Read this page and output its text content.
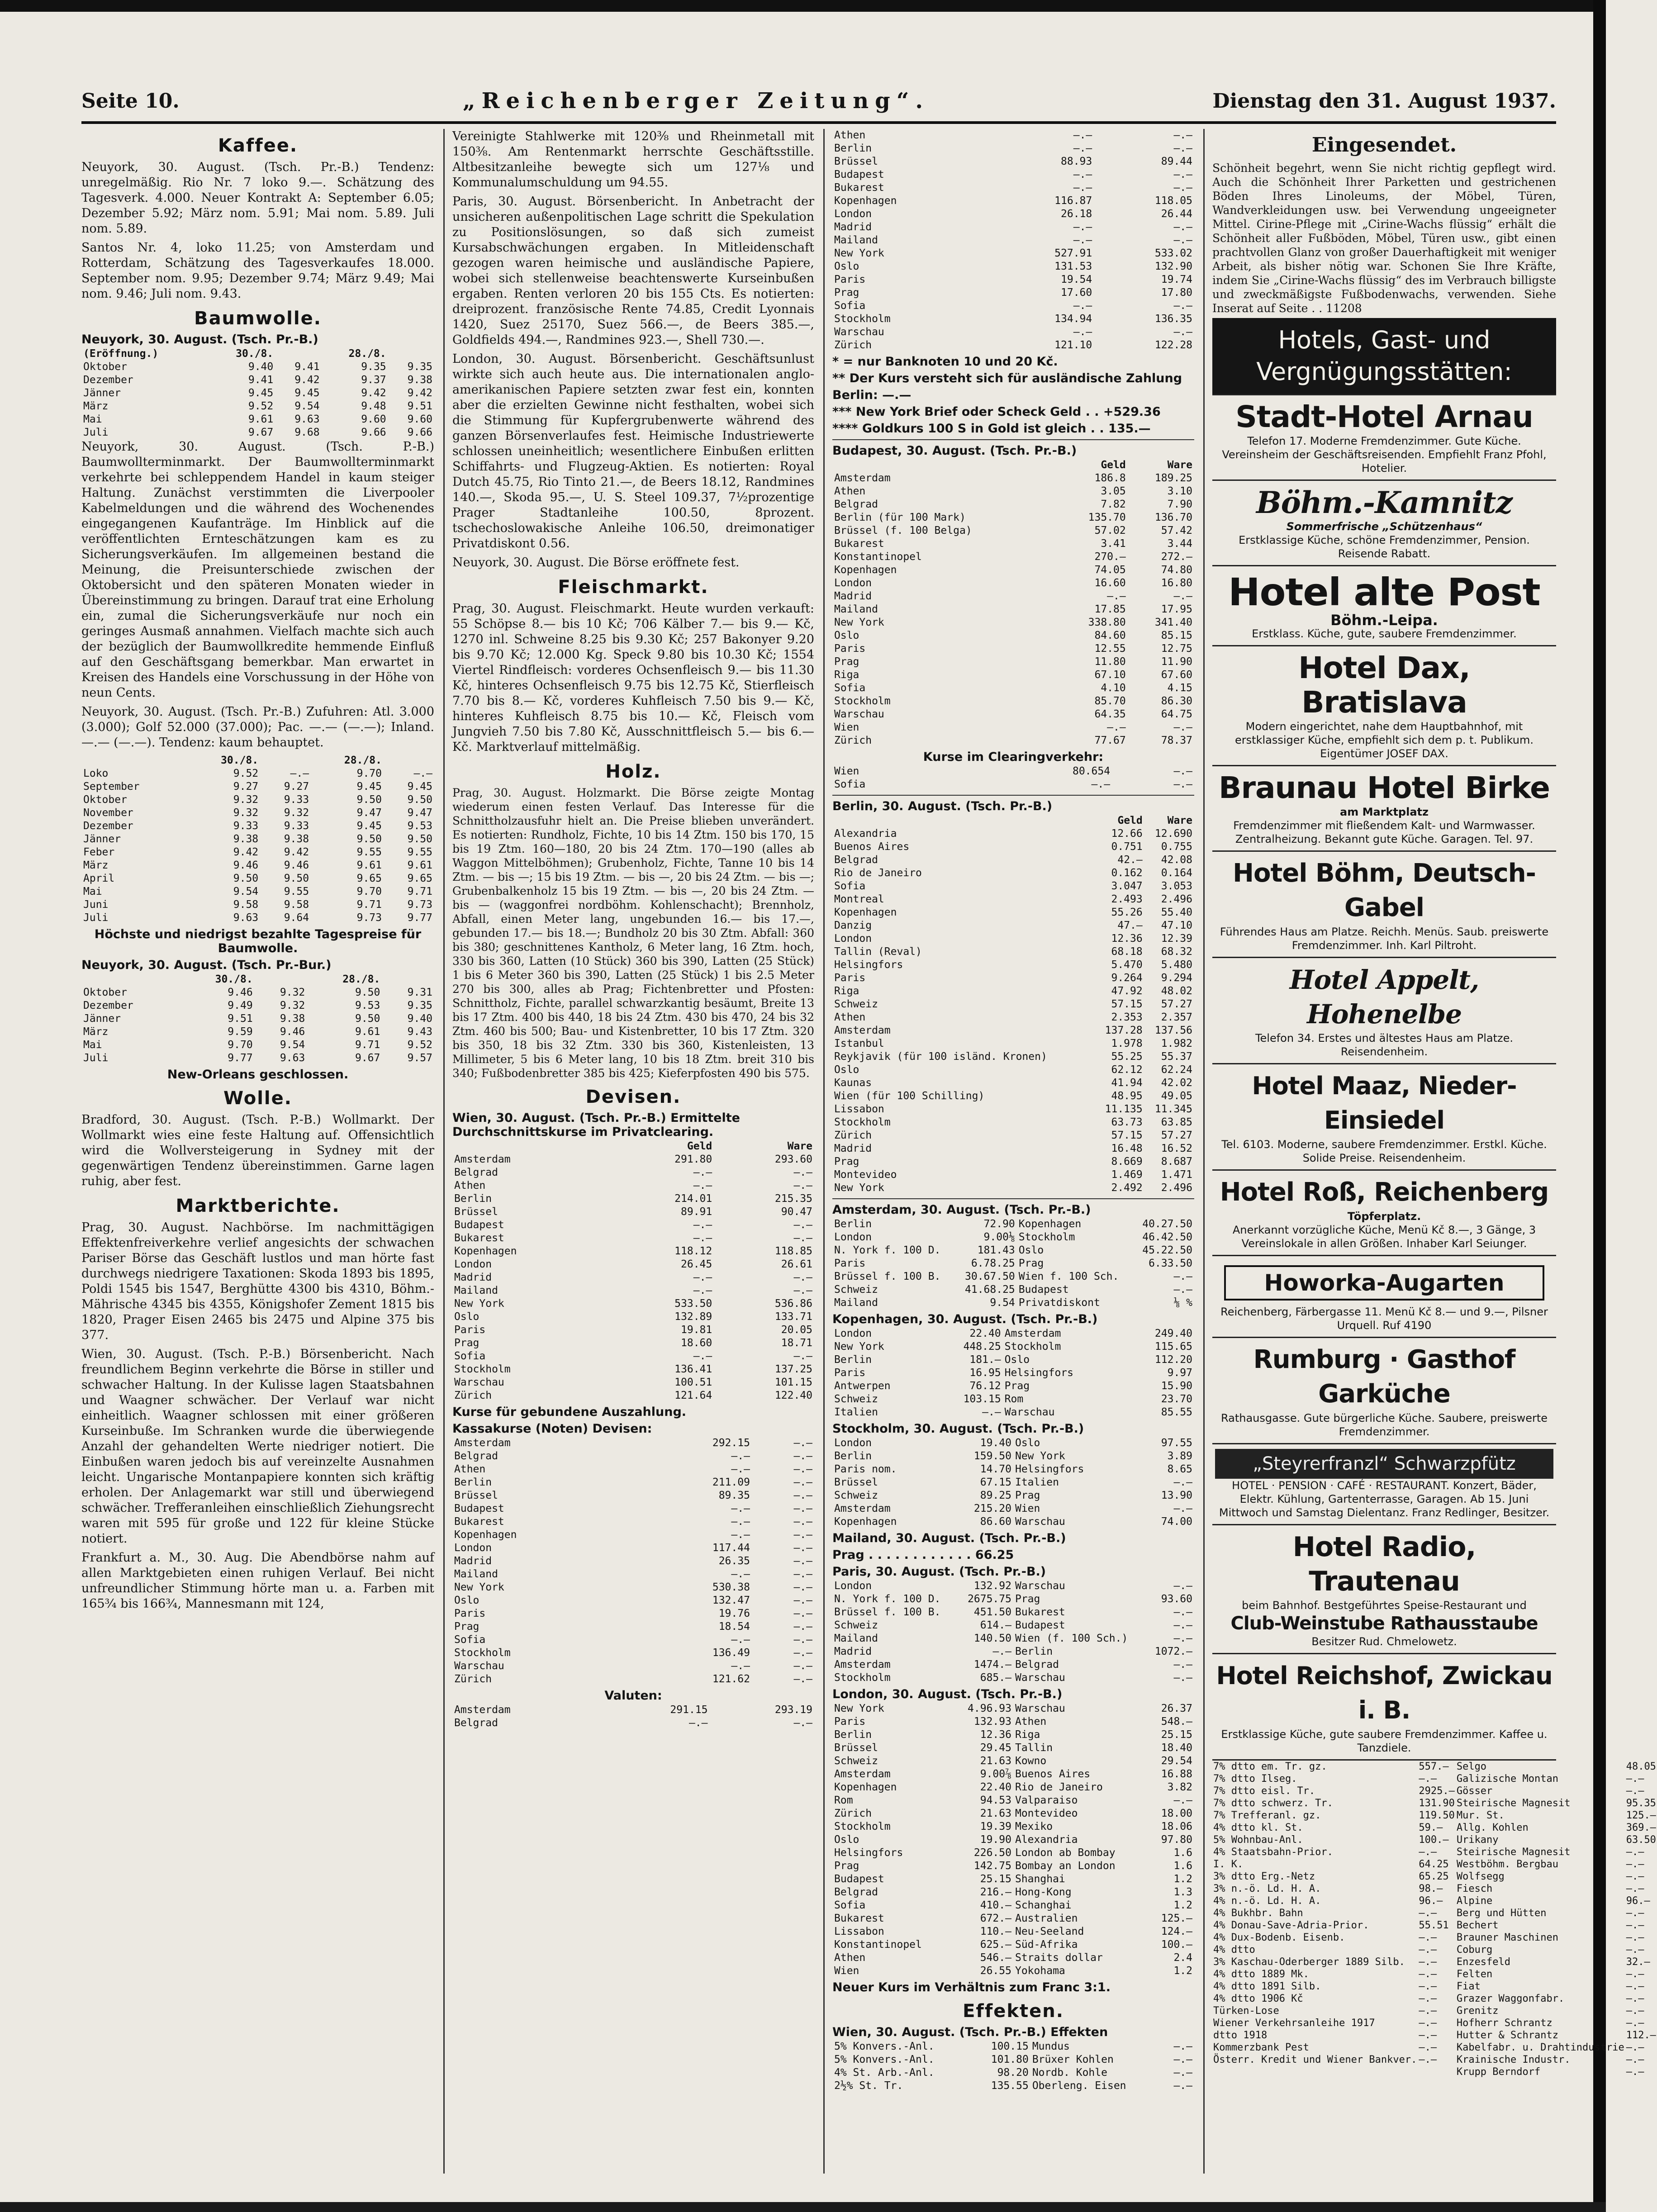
Seite 10.	„Reichenberger Zeitung“.	Dienstag den 31. August 1937.
Kaffee.

Neuyork, 30. August. (Tsch. Pr.-B.) Tendenz: unregelmäßig. Rio Nr. 7 loko 9.—. Schätzung des Tagesverk. 4.000. Neuer Kontrakt A: September 6.05; Dezember 5.92; März nom. 5.91; Mai nom. 5.89. Juli nom. 5.89.

Santos Nr. 4, loko 11.25; von Amsterdam und Rotterdam, Schätzung des Tagesverkaufes 18.000. September nom. 9.95; Dezember 9.74; März 9.49; Mai nom. 9.46; Juli nom. 9.43.

Baumwolle.
Neuyork, 30. August. (Tsch. Pr.-B.)
(Eröffnung.)	30./8.		28./8.	
Oktober	9.40	9.41	9.35	9.35
Dezember	9.41	9.42	9.37	9.38
Jänner	9.45	9.45	9.42	9.42
März	9.52	9.54	9.48	9.51
Mai	9.61	9.63	9.60	9.60
Juli	9.67	9.68	9.66	9.66

Neuyork, 30. August. (Tsch. P.-B.) Baumwollterminmarkt. Der Baumwollterminmarkt verkehrte bei schleppendem Handel in kaum steiger Haltung. Zunächst verstimmten die Liverpooler Kabelmeldungen und die während des Wochenendes eingegangenen Kaufanträge. Im Hinblick auf die veröffentlichten Ernteschätzungen kam es zu Sicherungsverkäufen. Im allgemeinen bestand die Meinung, die Preisunterschiede zwischen der Oktobersicht und den späteren Monaten wieder in Übereinstimmung zu bringen. Darauf trat eine Erholung ein, zumal die Sicherungsverkäufe nur noch ein geringes Ausmaß annahmen. Vielfach machte sich auch der bezüglich der Baumwollkredite hemmende Einfluß auf den Geschäftsgang bemerkbar. Man erwartet in Kreisen des Handels eine Vorschussung in der Höhe von neun Cents.

Neuyork, 30. August. (Tsch. Pr.-B.) Zufuhren: Atl. 3.000 (3.000); Golf 52.000 (37.000); Pac. —.— (—.—); Inland. —.— (—.—). Tendenz: kaum behauptet.

	30./8.		28./8.	
Loko	9.52	—.—	9.70	—.—
September	9.27	9.27	9.45	9.45
Oktober	9.32	9.33	9.50	9.50
November	9.32	9.32	9.47	9.47
Dezember	9.33	9.33	9.45	9.53
Jänner	9.38	9.38	9.50	9.50
Feber	9.42	9.42	9.55	9.55
März	9.46	9.46	9.61	9.61
April	9.50	9.50	9.65	9.65
Mai	9.54	9.55	9.70	9.71
Juni	9.58	9.58	9.71	9.73
Juli	9.63	9.64	9.73	9.77
Höchste und niedrigst bezahlte Tagespreise für Baumwolle.
Neuyork, 30. August. (Tsch. Pr.-Bur.)
	30./8.		28./8.	
Oktober	9.46	9.32	9.50	9.31
Dezember	9.49	9.32	9.53	9.35
Jänner	9.51	9.38	9.50	9.40
März	9.59	9.46	9.61	9.43
Mai	9.70	9.54	9.71	9.52
Juli	9.77	9.63	9.67	9.57
New-Orleans geschlossen.
Wolle.

Bradford, 30. August. (Tsch. P.-B.) Wollmarkt. Der Wollmarkt wies eine feste Haltung auf. Offensichtlich wird die Wollversteigerung in Sydney mit der gegenwärtigen Tendenz übereinstimmen. Garne lagen ruhig, aber fest.

Marktberichte.

Prag, 30. August. Nachbörse. Im nachmittägigen Effektenfreiverkehre verlief angesichts der schwachen Pariser Börse das Geschäft lustlos und man hörte fast durchwegs niedrigere Taxationen: Skoda 1893 bis 1895, Poldi 1545 bis 1547, Berghütte 4300 bis 4310, Böhm.-Mährische 4345 bis 4355, Königshofer Zement 1815 bis 1820, Prager Eisen 2465 bis 2475 und Alpine 375 bis 377.

Wien, 30. August. (Tsch. P.-B.) Börsenbericht. Nach freundlichem Beginn verkehrte die Börse in stiller und schwacher Haltung. In der Kulisse lagen Staatsbahnen und Waagner schwächer. Der Verlauf war nicht einheitlich. Waagner schlossen mit einer größeren Kurseinbuße. Im Schranken wurde die überwiegende Anzahl der gehandelten Werte niedriger notiert. Die Einbußen waren jedoch bis auf vereinzelte Ausnahmen leicht. Ungarische Montanpapiere konnten sich kräftig erholen. Der Anlagemarkt war still und überwiegend schwächer. Trefferanleihen einschließlich Ziehungsrecht waren mit 595 für große und 122 für kleine Stücke notiert.

Frankfurt a. M., 30. Aug. Die Abendbörse nahm auf allen Marktgebieten einen ruhigen Verlauf. Bei nicht unfreundlicher Stimmung hörte man u. a. Farben mit 165¾ bis 166¾, Mannesmann mit 124,

Vereinigte Stahlwerke mit 120⅜ und Rheinmetall mit 150⅜. Am Rentenmarkt herrschte Geschäftsstille. Altbesitzanleihe bewegte sich um 127⅛ und Kommunalumschuldung um 94.55.

Paris, 30. August. Börsenbericht. In Anbetracht der unsicheren außenpolitischen Lage schritt die Spekulation zu Positionslösungen, so daß sich zumeist Kursabschwächungen ergaben. In Mitleidenschaft gezogen waren heimische und ausländische Papiere, wobei sich stellenweise beachtenswerte Kurseinbußen ergaben. Renten verloren 20 bis 155 Cts. Es notierten: dreiprozent. französische Rente 74.85, Credit Lyonnais 1420, Suez 25170, Suez 566.—, de Beers 385.—, Goldfields 494.—, Randmines 923.—, Shell 730.—.

London, 30. August. Börsenbericht. Geschäftsunlust wirkte sich auch heute aus. Die internationalen anglo-amerikanischen Papiere setzten zwar fest ein, konnten aber die erzielten Gewinne nicht festhalten, wobei sich die Stimmung für Kupfergrubenwerte während des ganzen Börsenverlaufes fest. Heimische Industriewerte schlossen uneinheitlich; wesentlichere Einbußen erlitten Schiffahrts- und Flugzeug-Aktien. Es notierten: Royal Dutch 45.75, Rio Tinto 21.—, de Beers 18.12, Randmines 140.—, Skoda 95.—, U. S. Steel 109.37, 7½prozentige Prager Stadtanleihe 100.50, 8prozent. tschechoslowakische Anleihe 106.50, dreimonatiger Privatdiskont 0.56.

Neuyork, 30. August. Die Börse eröffnete fest.

Fleischmarkt.

Prag, 30. August. Fleischmarkt. Heute wurden verkauft: 55 Schöpse 8.— bis 10 Kč; 706 Kälber 7.— bis 9.— Kč, 1270 inl. Schweine 8.25 bis 9.30 Kč; 257 Bakonyer 9.20 bis 9.70 Kč; 12.000 Kg. Speck 9.80 bis 10.30 Kč; 1554 Viertel Rindfleisch: vorderes Ochsenfleisch 9.— bis 11.30 Kč, hinteres Ochsenfleisch 9.75 bis 12.75 Kč, Stierfleisch 7.70 bis 8.— Kč, vorderes Kuhfleisch 7.50 bis 9.— Kč, hinteres Kuhfleisch 8.75 bis 10.— Kč, Fleisch vom Jungvieh 7.50 bis 7.80 Kč, Ausschnittfleisch 5.— bis 6.— Kč. Marktverlauf mittelmäßig.

Holz.

Prag, 30. August. Holzmarkt. Die Börse zeigte Montag wiederum einen festen Verlauf. Das Interesse für die Schnittholzausfuhr hielt an. Die Preise blieben unverändert. Es notierten: Rundholz, Fichte, 10 bis 14 Ztm. 150 bis 170, 15 bis 19 Ztm. 160—180, 20 bis 24 Ztm. 170—190 (alles ab Waggon Mittelböhmen); Grubenholz, Fichte, Tanne 10 bis 14 Ztm. — bis —; 15 bis 19 Ztm. — bis —, 20 bis 24 Ztm. — bis —; Grubenbalkenholz 15 bis 19 Ztm. — bis —, 20 bis 24 Ztm. — bis — (waggonfrei nordböhm. Kohlenschacht); Brennholz, Abfall, einen Meter lang, ungebunden 16.— bis 17.—, gebunden 17.— bis 18.—; Bundholz 20 bis 30 Ztm. Abfall: 360 bis 380; geschnittenes Kantholz, 6 Meter lang, 16 Ztm. hoch, 330 bis 360, Latten (10 Stück) 360 bis 390, Latten (25 Stück) 1 bis 6 Meter 360 bis 390, Latten (25 Stück) 1 bis 2.5 Meter 270 bis 300, alles ab Prag; Fichtenbretter und Pfosten: Schnittholz, Fichte, parallel schwarzkantig besäumt, Breite 13 bis 17 Ztm. 400 bis 440, 18 bis 24 Ztm. 430 bis 470, 24 bis 32 Ztm. 460 bis 500; Bau- und Kistenbretter, 10 bis 17 Ztm. 320 bis 350, 18 bis 32 Ztm. 330 bis 360, Kistenleisten, 13 Millimeter, 5 bis 6 Meter lang, 10 bis 18 Ztm. breit 310 bis 340; Fußbodenbretter 385 bis 425; Kieferpfosten 490 bis 575.

Devisen.
Wien, 30. August. (Tsch. Pr.-B.) Ermittelte Durchschnittskurse im Privatclearing.
	Geld	Ware
Amsterdam	291.80	293.60
Belgrad	—.—	—.—
Athen	—.—	—.—
Berlin	214.01	215.35
Brüssel	89.91	90.47
Budapest	—.—	—.—
Bukarest	—.—	—.—
Kopenhagen	118.12	118.85
London	26.45	26.61
Madrid	—.—	—.—
Mailand	—.—	—.—
New York	533.50	536.86
Oslo	132.89	133.71
Paris	19.81	20.05
Prag	18.60	18.71
Sofia	—.—	—.—
Stockholm	136.41	137.25
Warschau	100.51	101.15
Zürich	121.64	122.40
Kurse für gebundene Auszahlung.
Kassakurse (Noten) Devisen:
Amsterdam	292.15	—.—
Belgrad	—.—	—.—
Athen	—.—	—.—
Berlin	211.09	—.—
Brüssel	89.35	—.—
Budapest	—.—	—.—
Bukarest	—.—	—.—
Kopenhagen	—.—	—.—
London	117.44	—.—
Madrid	26.35	—.—
Mailand	—.—	—.—
New York	530.38	—.—
Oslo	132.47	—.—
Paris	19.76	—.—
Prag	18.54	—.—
Sofia	—.—	—.—
Stockholm	136.49	—.—
Warschau	—.—	—.—
Zürich	121.62	—.—
Valuten:
Amsterdam	291.15	293.19
Belgrad	—.—	—.—
Athen	—.—	—.—
Berlin	—.—	—.—
Brüssel	88.93	89.44
Budapest	—.—	—.—
Bukarest	—.—	—.—
Kopenhagen	116.87	118.05
London	26.18	26.44
Madrid	—.—	—.—
Mailand	—.—	—.—
New York	527.91	533.02
Oslo	131.53	132.90
Paris	19.54	19.74
Prag	17.60	17.80
Sofia	—.—	—.—
Stockholm	134.94	136.35
Warschau	—.—	—.—
Zürich	121.10	122.28
* = nur Banknoten 10 und 20 Kč.
** Der Kurs versteht sich für ausländische Zahlung
Berlin: —.—
*** New York Brief oder Scheck Geld . . +529.36
**** Goldkurs 100 S in Gold ist gleich . . 135.—
Budapest, 30. August. (Tsch. Pr.-B.)
	Geld	Ware
Amsterdam	186.8	189.25
Athen	3.05	3.10
Belgrad	7.82	7.90
Berlin (für 100 Mark)	135.70	136.70
Brüssel (f. 100 Belga)	57.02	57.42
Bukarest	3.41	3.44
Konstantinopel	270.—	272.—
Kopenhagen	74.05	74.80
London	16.60	16.80
Madrid	—.—	—.—
Mailand	17.85	17.95
New York	338.80	341.40
Oslo	84.60	85.15
Paris	12.55	12.75
Prag	11.80	11.90
Riga	67.10	67.60
Sofia	4.10	4.15
Stockholm	85.70	86.30
Warschau	64.35	64.75
Wien	—.—	—.—
Zürich	77.67	78.37
Kurse im Clearingverkehr:
Wien	80.654	—.—
Sofia	—.—	—.—
Berlin, 30. August. (Tsch. Pr.-B.)
	Geld	Ware
Alexandria	12.66	12.690
Buenos Aires	0.751	0.755
Belgrad	42.—	42.08
Rio de Janeiro	0.162	0.164
Sofia	3.047	3.053
Montreal	2.493	2.496
Kopenhagen	55.26	55.40
Danzig	47.—	47.10
London	12.36	12.39
Tallin (Reval)	68.18	68.32
Helsingfors	5.470	5.480
Paris	9.264	9.294
Riga	47.92	48.02
Schweiz	57.15	57.27
Athen	2.353	2.357
Amsterdam	137.28	137.56
Istanbul	1.978	1.982
Reykjavik (für 100 isländ. Kronen)	55.25	55.37
Oslo	62.12	62.24
Kaunas	41.94	42.02
Wien (für 100 Schilling)	48.95	49.05
Lissabon	11.135	11.345
Stockholm	63.73	63.85
Zürich	57.15	57.27
Madrid	16.48	16.52
Prag	8.669	8.687
Montevideo	1.469	1.471
New York	2.492	2.496
Amsterdam, 30. August. (Tsch. Pr.-B.)
Berlin	72.90	Kopenhagen	40.27.50
London	9.00⅛	Stockholm	46.42.50
N. York f. 100 D.	181.43	Oslo	45.22.50
Paris	6.78.25	Prag	6.33.50
Brüssel f. 100 B.	30.67.50	Wien f. 100 Sch.	—.—
Schweiz	41.68.25	Budapest	—.—
Mailand	9.54	Privatdiskont	⅛ %
Kopenhagen, 30. August. (Tsch. Pr.-B.)
London	22.40	Amsterdam	249.40
New York	448.25	Stockholm	115.65
Berlin	181.—	Oslo	112.20
Paris	16.95	Helsingfors	9.97
Antwerpen	76.12	Prag	15.90
Schweiz	103.15	Rom	23.70
Italien	—.—	Warschau	85.55
Stockholm, 30. August. (Tsch. Pr.-B.)
London	19.40	Oslo	97.55
Berlin	159.50	New York	3.89
Paris nom.	14.70	Helsingfors	8.65
Brüssel	67.15	Italien	—.—
Schweiz	89.25	Prag	13.90
Amsterdam	215.20	Wien	—.—
Kopenhagen	86.60	Warschau	74.00
Mailand, 30. August. (Tsch. Pr.-B.)
Prag . . . . . . . . . . . . 66.25
Paris, 30. August. (Tsch. Pr.-B.)
London	132.92	Warschau	—.—
N. York f. 100 D.	2675.75	Prag	93.60
Brüssel f. 100 B.	451.50	Bukarest	—.—
Schweiz	614.—	Budapest	—.—
Mailand	140.50	Wien (f. 100 Sch.)	—.—
Madrid	—.—	Berlin	1072.—
Amsterdam	1474.—	Belgrad	—.—
Stockholm	685.—	Warschau	—.—
London, 30. August. (Tsch. Pr.-B.)
New York	4.96.93	Warschau	26.37
Paris	132.93	Athen	548.—
Berlin	12.36	Riga	25.15
Brüssel	29.45	Tallin	18.40
Schweiz	21.63	Kowno	29.54
Amsterdam	9.00⅞	Buenos Aires	16.88
Kopenhagen	22.40	Rio de Janeiro	3.82
Rom	94.53	Valparaiso	—.—
Zürich	21.63	Montevideo	18.00
Stockholm	19.39	Mexiko	18.06
Oslo	19.90	Alexandria	97.80
Helsingfors	226.50	London ab Bombay	1.6
Prag	142.75	Bombay an London	1.6
Budapest	25.15	Shanghai	1.2
Belgrad	216.—	Hong-Kong	1.3
Sofia	410.—	Schanghai	1.2
Bukarest	672.—	Australien	125.—
Lissabon	110.—	Neu-Seeland	124.—
Konstantinopel	625.—	Süd-Afrika	100.—
Athen	546.—	Straits dollar	2.4
Wien	26.55	Yokohama	1.2
Neuer Kurs im Verhältnis zum Franc 3:1.
Effekten.
Wien, 30. August. (Tsch. Pr.-B.) Effekten
5% Konvers.-Anl.	100.15	Mundus	—.—
5% Konvers.-Anl.	101.80	Brüxer Kohlen	—.—
4% St. Arb.-Anl.	98.20	Nordb. Kohle	—.—
2½% St. Tr.	135.55	Oberleng. Eisen	—.—
Eingesendet.

Schönheit begehrt, wenn Sie nicht richtig gepflegt wird. Auch die Schönheit Ihrer Parketten und gestrichenen Böden Ihres Linoleums, der Möbel, Türen, Wandverkleidungen usw. bei Verwendung ungeeigneter Mittel. Cirine-Pflege mit „Cirine-Wachs flüssig“ erhält die Schönheit aller Fußböden, Möbel, Türen usw., gibt einen prachtvollen Glanz von großer Dauerhaftigkeit mit weniger Arbeit, als bisher nötig war. Schonen Sie Ihre Kräfte, indem Sie „Cirine-Wachs flüssig“ des im Verbrauch billigste und zweckmäßigste Fußbodenwachs, verwenden. Siehe Inserat auf Seite . . 11208

Hotels, Gast- und Vergnügungsstätten:
Stadt-Hotel Arnau
Telefon 17. Moderne Fremdenzimmer. Gute Küche. Vereinsheim der Geschäftsreisenden. Empfiehlt Franz Pfohl, Hotelier.
Böhm.-Kamnitz
Sommerfrische „Schützenhaus“
Erstklassige Küche, schöne Fremdenzimmer, Pension. Reisende Rabatt.
Hotel alte Post
Böhm.-Leipa.
Erstklass. Küche, gute, saubere Fremdenzimmer.
Hotel Dax, Bratislava
Modern eingerichtet, nahe dem Hauptbahnhof, mit erstklassiger Küche, empfiehlt sich dem p. t. Publikum. Eigentümer JOSEF DAX.
Braunau Hotel Birke
am Marktplatz
Fremdenzimmer mit fließendem Kalt- und Warmwasser. Zentralheizung. Bekannt gute Küche. Garagen. Tel. 97.
Hotel Böhm, Deutsch-Gabel
Führendes Haus am Platze. Reichh. Menüs. Saub. preiswerte Fremdenzimmer. Inh. Karl Piltroht.
Hotel Appelt, Hohenelbe
Telefon 34. Erstes und ältestes Haus am Platze. Reisendenheim.
Hotel Maaz, Nieder-Einsiedel
Tel. 6103. Moderne, saubere Fremdenzimmer. Erstkl. Küche. Solide Preise. Reisendenheim.
Hotel Roß, Reichenberg
Töpferplatz.
Anerkannt vorzügliche Küche, Menü Kč 8.—, 3 Gänge, 3 Vereinslokale in allen Größen. Inhaber Karl Seiunger.
Howorka-Augarten
Reichenberg, Färbergasse 11. Menü Kč 8.— und 9.—, Pilsner Urquell. Ruf 4190
Rumburg · Gasthof Garküche
Rathausgasse. Gute bürgerliche Küche. Saubere, preiswerte Fremdenzimmer.
„Steyrerfranzl“ Schwarzpfütz
HOTEL · PENSION · CAFÉ · RESTAURANT. Konzert, Bäder, Elektr. Kühlung, Gartenterrasse, Garagen. Ab 15. Juni Mittwoch und Samstag Dielentanz. Franz Redlinger, Besitzer.
Hotel Radio, Trautenau
beim Bahnhof. Bestgeführtes Speise-Restaurant und
Club-Weinstube Rathausstaube
Besitzer Rud. Chmelowetz.
Hotel Reichshof, Zwickau i. B.
Erstklassige Küche, gute saubere Fremdenzimmer. Kaffee u. Tanzdiele.
7% dtto em. Tr. gz.	557.—	Selgo	48.05
7% dtto Ilseg.	—.—	Galizische Montan	—.—
7% dtto eisl. Tr.	2925.—	Gösser	—.—
7% dtto schwerz. Tr.	131.90	Steirische Magnesit	95.35
7% Trefferanl. gz.	119.50	Mur. St.	125.—
4% dtto kl. St.	59.—	Allg. Kohlen	369.—
5% Wohnbau-Anl.	100.—	Urikany	63.50
4% Staatsbahn-Prior.	—.—	Steirische Magnesit	—.—
I. K.	64.25	Westböhm. Bergbau	—.—
3% dtto Erg.-Netz	65.25	Wolfsegg	—.—
3% n.-ö. Ld. H. A.	98.—	Fiesch	—.—
4% n.-ö. Ld. H. A.	96.—	Alpine	96.—
4% Bukhbr. Bahn	—.—	Berg und Hütten	—.—
4% Donau-Save-Adria-Prior.	55.51	Bechert	—.—
4% Dux-Bodenb. Eisenb.	—.—	Brauner Maschinen	—.—
4% dtto	—.—	Coburg	—.—
3% Kaschau-Oderberger 1889 Silb.	—.—	Enzesfeld	32.—
4% dtto 1889 Mk.	—.—	Felten	—.—
4% dtto 1891 Silb.	—.—	Fiat	—.—
4% dtto 1906 Kč	—.—	Grazer Waggonfabr.	—.—
Türken-Lose	—.—	Grenitz	—.—
Wiener Verkehrsanleihe 1917	—.—	Hofherr Schrantz	—.—
dtto 1918	—.—	Hutter & Schrantz	112.—
Kommerzbank Pest	—.—	Kabelfabr. u. Drahtindustrie	—.—
Österr. Kredit und Wiener Bankver.	—.—	Krainische Industr.	—.—
		Krupp Berndorf	—.—
